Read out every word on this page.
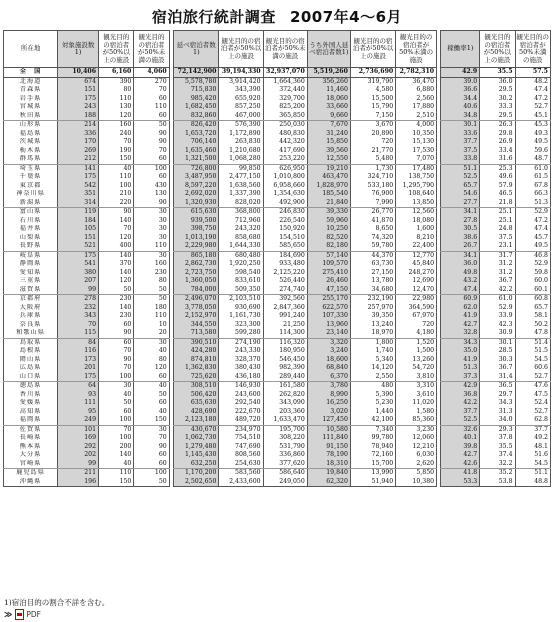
宿泊旅行統計調査 2007年4〜6月
所在地	対象施設数1)	観光目的の宿泊者が50%以上の施設	観光目的の宿泊者が50%未満の施設		延べ宿泊者数1)	観光目的の宿泊者が50%以上の施設	観光目的の宿泊者が50%未満の施設	うち外国人延べ宿泊者数1)	観光目的の宿泊者が50%以上の施設	観光目的の宿泊者が50%未満の施設		稼働率1)	観光目的の宿泊者が50%以上の施設	観光目的の宿泊者が50%未満の施設
全　国	10,406	6,160	4,060		72,142,900	39,194,330	32,937,070	5,519,260	2,736,690	2,782,310		42.9	35.5	57.5
北海道	674	390	270		5,578,780	3,914,420	1,664,360	356,260	319,790	36,470		39.0	36.0	48.2
青森県	151	80	70		715,830	343,390	372,440	11,460	4,580	6,880		36.6	29.5	47.4
岩手県	175	110	60		985,420	655,920	329,700	18,060	15,500	2,560		34.4	30.2	47.2
宮城県	243	130	110		1,682,450	857,250	825,200	33,660	15,790	17,880		40.6	33.3	52.7
秋田県	188	120	60		832,860	467,000	365,850	9,660	7,150	2,510		34.8	29.5	45.1
山形県	214	160	50		826,420	576,390	250,030	7,670	3,670	4,000		30.1	26.3	45.3
福島県	336	240	90		1,653,720	1,172,890	480,830	31,240	20,890	10,350		33.6	29.8	49.3
茨城県	170	70	90		706,140	263,830	442,320	15,850	720	15,130		37.7	26.9	49.5
栃木県	269	190	70		1,635,460	1,210,680	417,690	39,560	21,770	17,530		37.5	33.4	59.6
群馬県	212	150	60		1,321,500	1,068,280	253,220	12,550	5,480	7,070		33.8	31.6	48.7
埼玉県	141	40	100		726,800	99,850	626,950	19,210	1,730	17,480		51.1	25.3	61.0
千葉県	175	110	60		3,487,950	2,477,150	1,010,800	463,470	324,710	138,750		52.5	49.6	61.5
東京都	542	100	430		8,597,220	1,638,560	6,958,660	1,828,970	533,180	1,295,790		65.7	57.9	67.8
神奈川県	351	210	130		2,692,020	1,337,390	1,354,630	185,540	76,900	108,640		54.6	46.5	66.3
新潟県	314	220	90		1,320,930	828,020	492,900	21,840	7,990	13,850		27.7	21.8	51.3
富山県	119	90	30		615,630	368,800	246,830	39,330	26,770	12,560		34.1	25.1	52.9
石川県	184	140	30		939,500	712,960	226,540	59,960	41,870	18,080		27.8	25.1	47.2
福井県	105	70	30		398,750	243,320	150,920	10,250	8,650	1,600		30.5	24.8	47.4
山梨県	151	120	30		1,013,190	858,680	154,510	82,520	74,320	8,210		38.6	37.5	45.7
長野県	521	400	110		2,229,980	1,644,330	585,650	82,180	59,780	22,400		26.7	23.1	49.5
岐阜県	175	140	30		865,180	680,480	184,690	57,140	44,370	12,770		34.1	31.7	46.8
静岡県	541	370	160		2,862,730	1,920,250	933,480	109,570	63,730	45,840		36.0	31.2	52.9
愛知県	380	140	230		2,723,750	598,540	2,125,220	275,410	27,150	248,270		49.8	31.2	59.8
三重県	207	120	80		1,360,050	833,610	526,440	26,460	13,780	12,690		43.2	36.7	60.0
滋賀県	99	50	50		784,000	509,350	274,740	47,150	34,680	12,470		47.4	42.2	60.1
京都府	278	230	50		2,496,070	2,103,510	392,560	255,170	232,190	22,980		60.9	61.0	60.8
大阪府	232	140	180		3,778,050	930,690	2,847,360	622,570	257,970	364,590		62.0	52.9	65.7
兵庫県	343	230	110		2,152,970	1,161,730	991,240	107,330	39,350	67,970		41.9	33.9	58.1
奈良県	70	60	10		344,550	323,300	21,250	13,960	13,240	720		42.7	42.3	50.2
和歌山県	115	90	20		713,580	599,280	114,300	23,140	18,970	4,180		32.8	30.9	47.8
鳥取県	84	60	30		390,510	274,190	116,320	3,320	1,800	1,520		34.3	30.1	51.4
島根県	116	70	40		424,280	243,330	180,950	3,240	1,740	1,500		35.0	28.5	51.5
岡山県	173	90	80		874,810	328,370	546,450	18,600	5,340	13,260		41.9	30.3	54.5
広島県	201	70	120		1,362,830	380,430	982,390	68,840	14,120	54,720		51.3	36.7	60.6
山口県	175	100	60		725,620	436,180	289,440	6,370	2,550	3,810		37.3	31.4	52.7
徳島県	64	30	40		308,510	146,930	161,580	3,780	480	3,310		42.9	36.5	47.6
香川県	93	40	50		506,420	243,600	262,820	8,990	5,390	3,610		36.8	29.7	47.5
愛媛県	111	50	60		635,630	292,540	343,090	16,250	5,230	11,020		42.2	34.3	52.4
高知県	95	60	40		428,690	222,670	203,360	3,020	1,440	1,580		37.7	31.3	52.7
福岡県	249	100	150		2,123,180	489,720	1,633,470	127,450	42,100	85,360		52.5	34.0	62.8
佐賀県	101	70	30		430,670	234,970	195,700	10,580	7,340	3,230		32.6	29.3	37.7
長崎県	169	100	70		1,062,730	754,510	308,220	111,840	99,780	12,060		40.1	37.8	49.2
熊本県	292	200	90		1,279,480	747,690	531,790	91,150	78,940	12,210		39.8	35.5	48.1
大分県	202	140	60		1,145,430	808,560	336,860	78,190	72,160	6,030		42.7	37.4	51.6
宮崎県	99	40	60		632,250	254,630	377,620	18,310	15,700	2,620		42.6	32.2	54.5
鹿児島県	211	110	100		1,170,200	583,560	586,640	19,840	13,990	5,850		41.8	35.2	51.1
沖縄県	196	150	50		2,502,650	2,433,600	249,050	62,320	51,940	10,380		53.3	53.8	48.8
1)宿泊目的の割合不詳を含む。
≫ PDF
